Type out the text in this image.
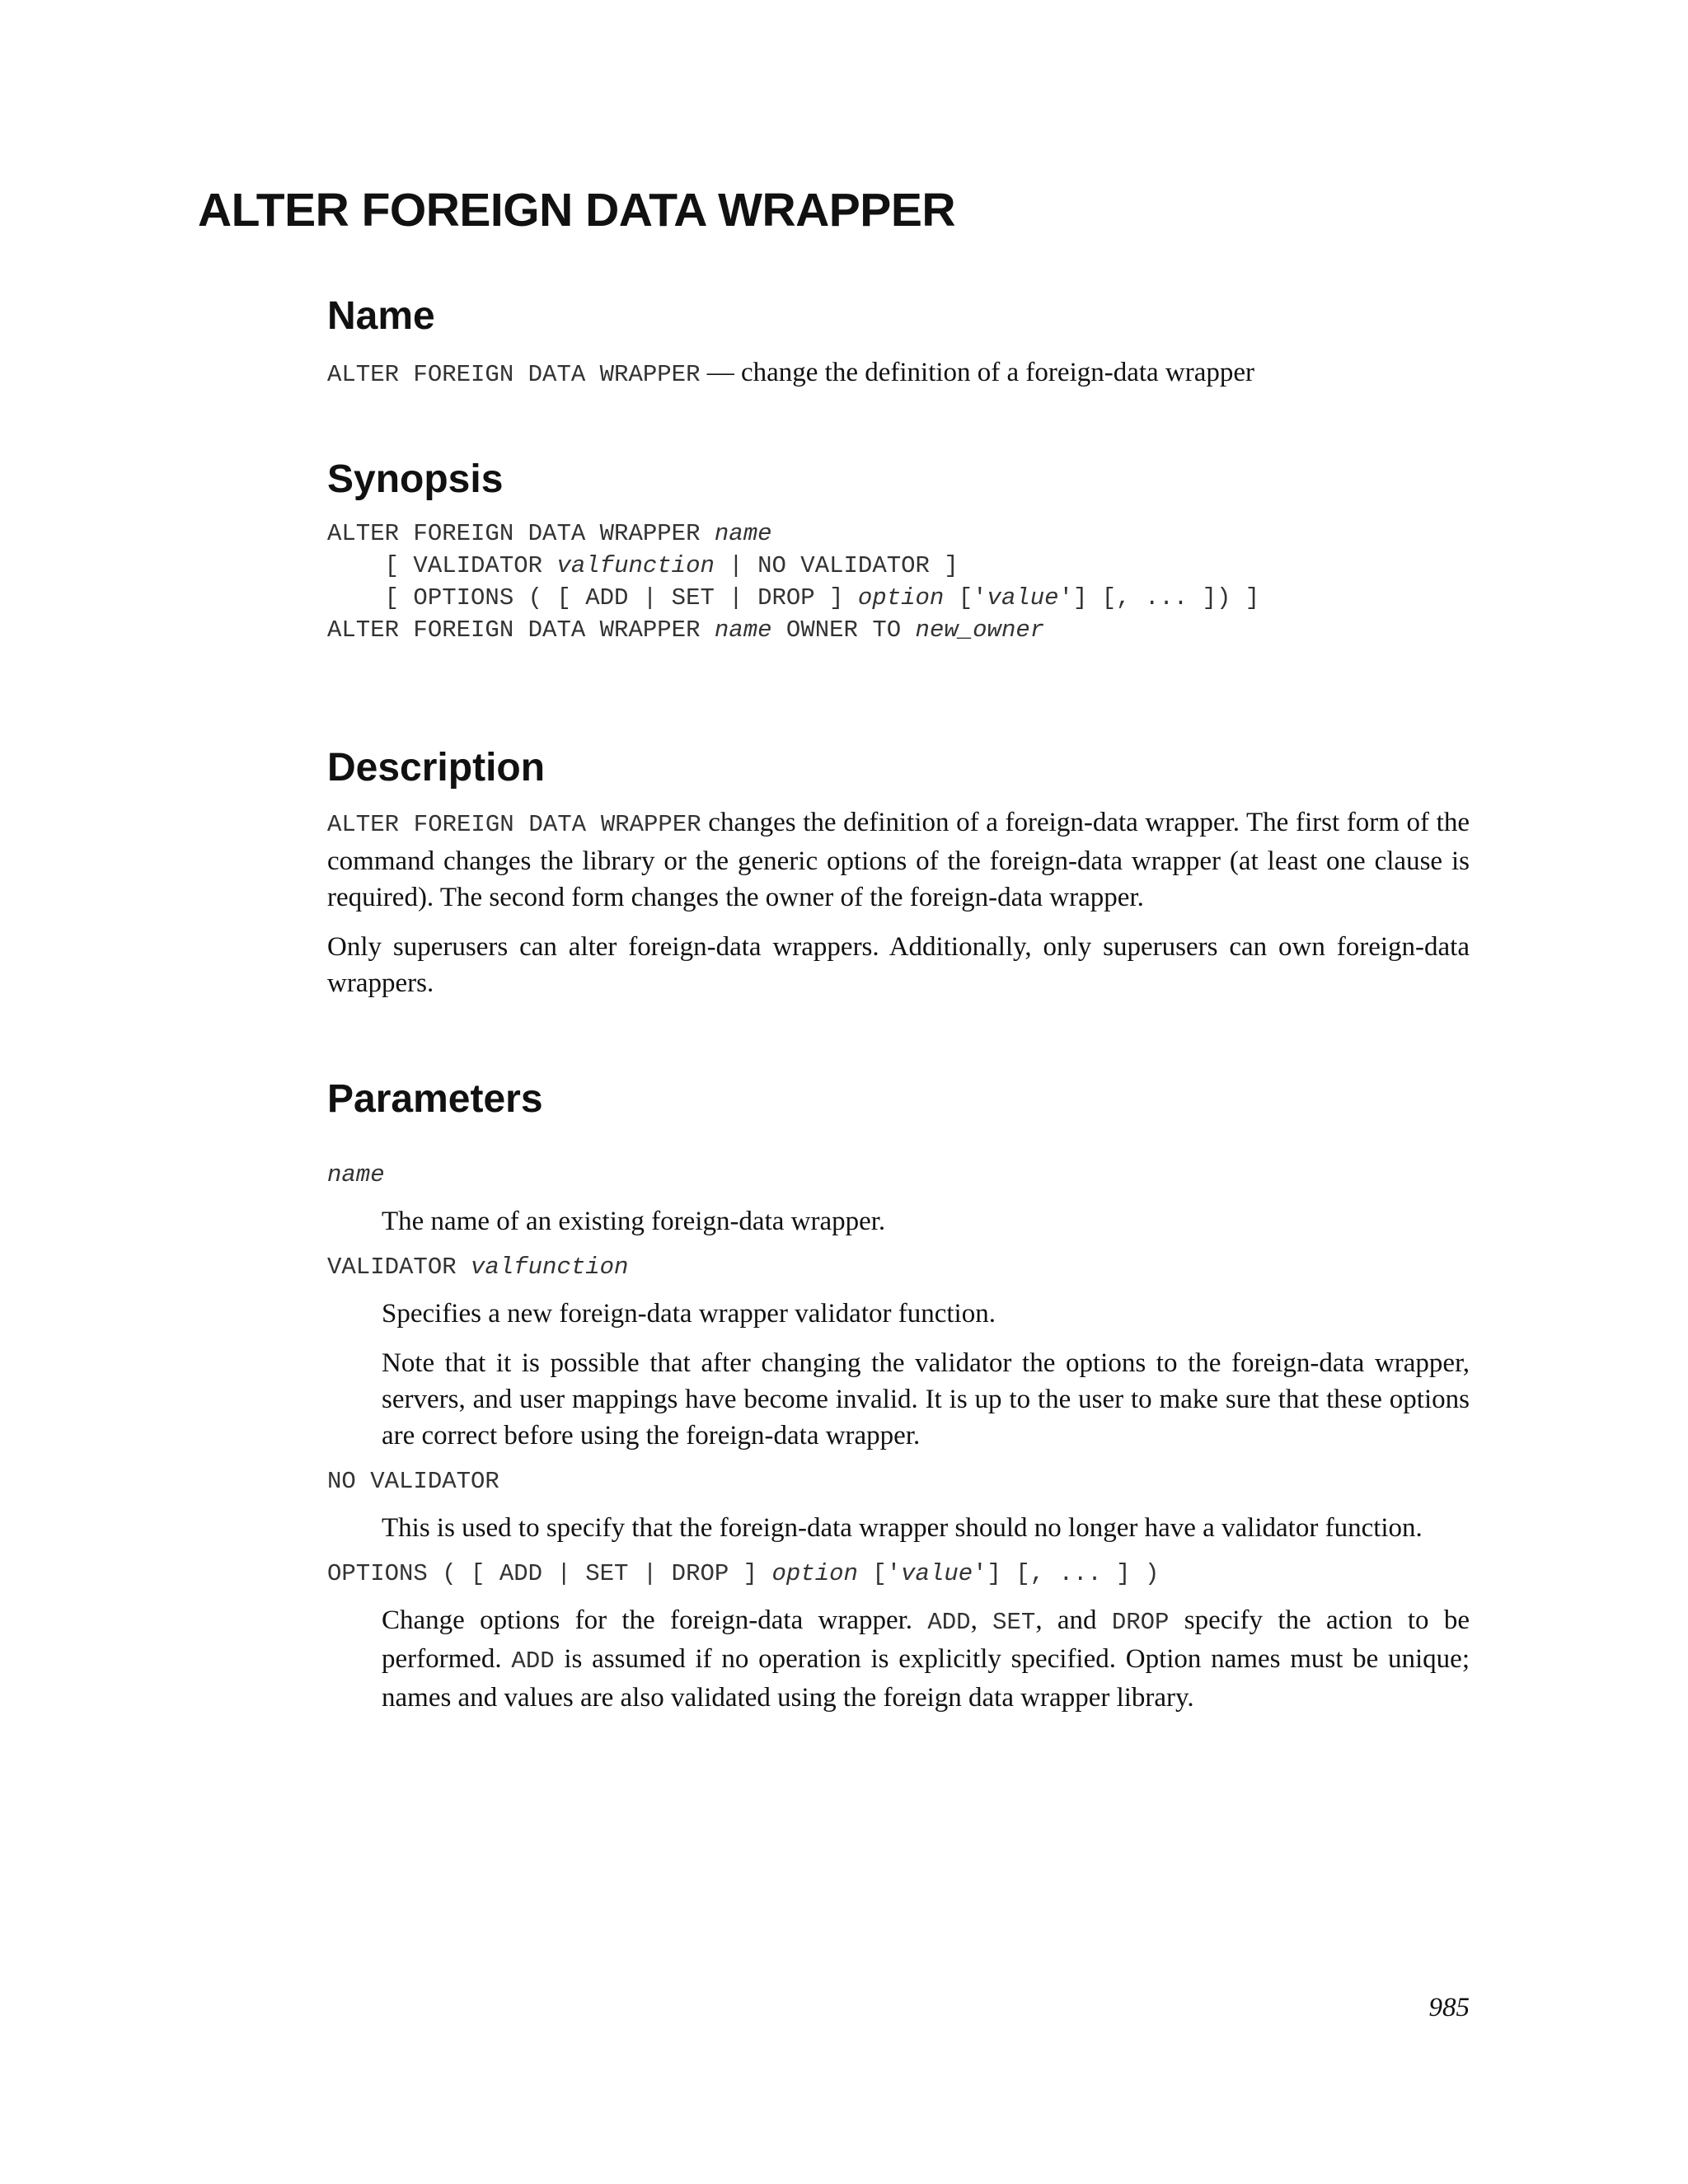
ALTER FOREIGN DATA WRAPPER
Name
ALTER FOREIGN DATA WRAPPER — change the definition of a foreign-data wrapper
Synopsis
ALTER FOREIGN DATA WRAPPER name
[ VALIDATOR valfunction | NO VALIDATOR ]
[ OPTIONS ( [ ADD | SET | DROP ] option ['value'] [, ... ]) ]
ALTER FOREIGN DATA WRAPPER name OWNER TO new_owner
Description

ALTER FOREIGN DATA WRAPPER changes the definition of a foreign-data wrapper. The first form of the command changes the library or the generic options of the foreign-data wrapper (at least one clause is required). The second form changes the owner of the foreign-data wrapper.

Only superusers can alter foreign-data wrappers. Additionally, only superusers can own foreign-data wrappers.

Parameters
name

The name of an existing foreign-data wrapper.

VALIDATOR valfunction

Specifies a new foreign-data wrapper validator function.

Note that it is possible that after changing the validator the options to the foreign-data wrapper, servers, and user mappings have become invalid. It is up to the user to make sure that these options are correct before using the foreign-data wrapper.

NO VALIDATOR

This is used to specify that the foreign-data wrapper should no longer have a validator function.

OPTIONS ( [ ADD | SET | DROP ] option ['value'] [, ... ] )

Change options for the foreign-data wrapper. ADD, SET, and DROP specify the action to be performed. ADD is assumed if no operation is explicitly specified. Option names must be unique; names and values are also validated using the foreign data wrapper library.

985
